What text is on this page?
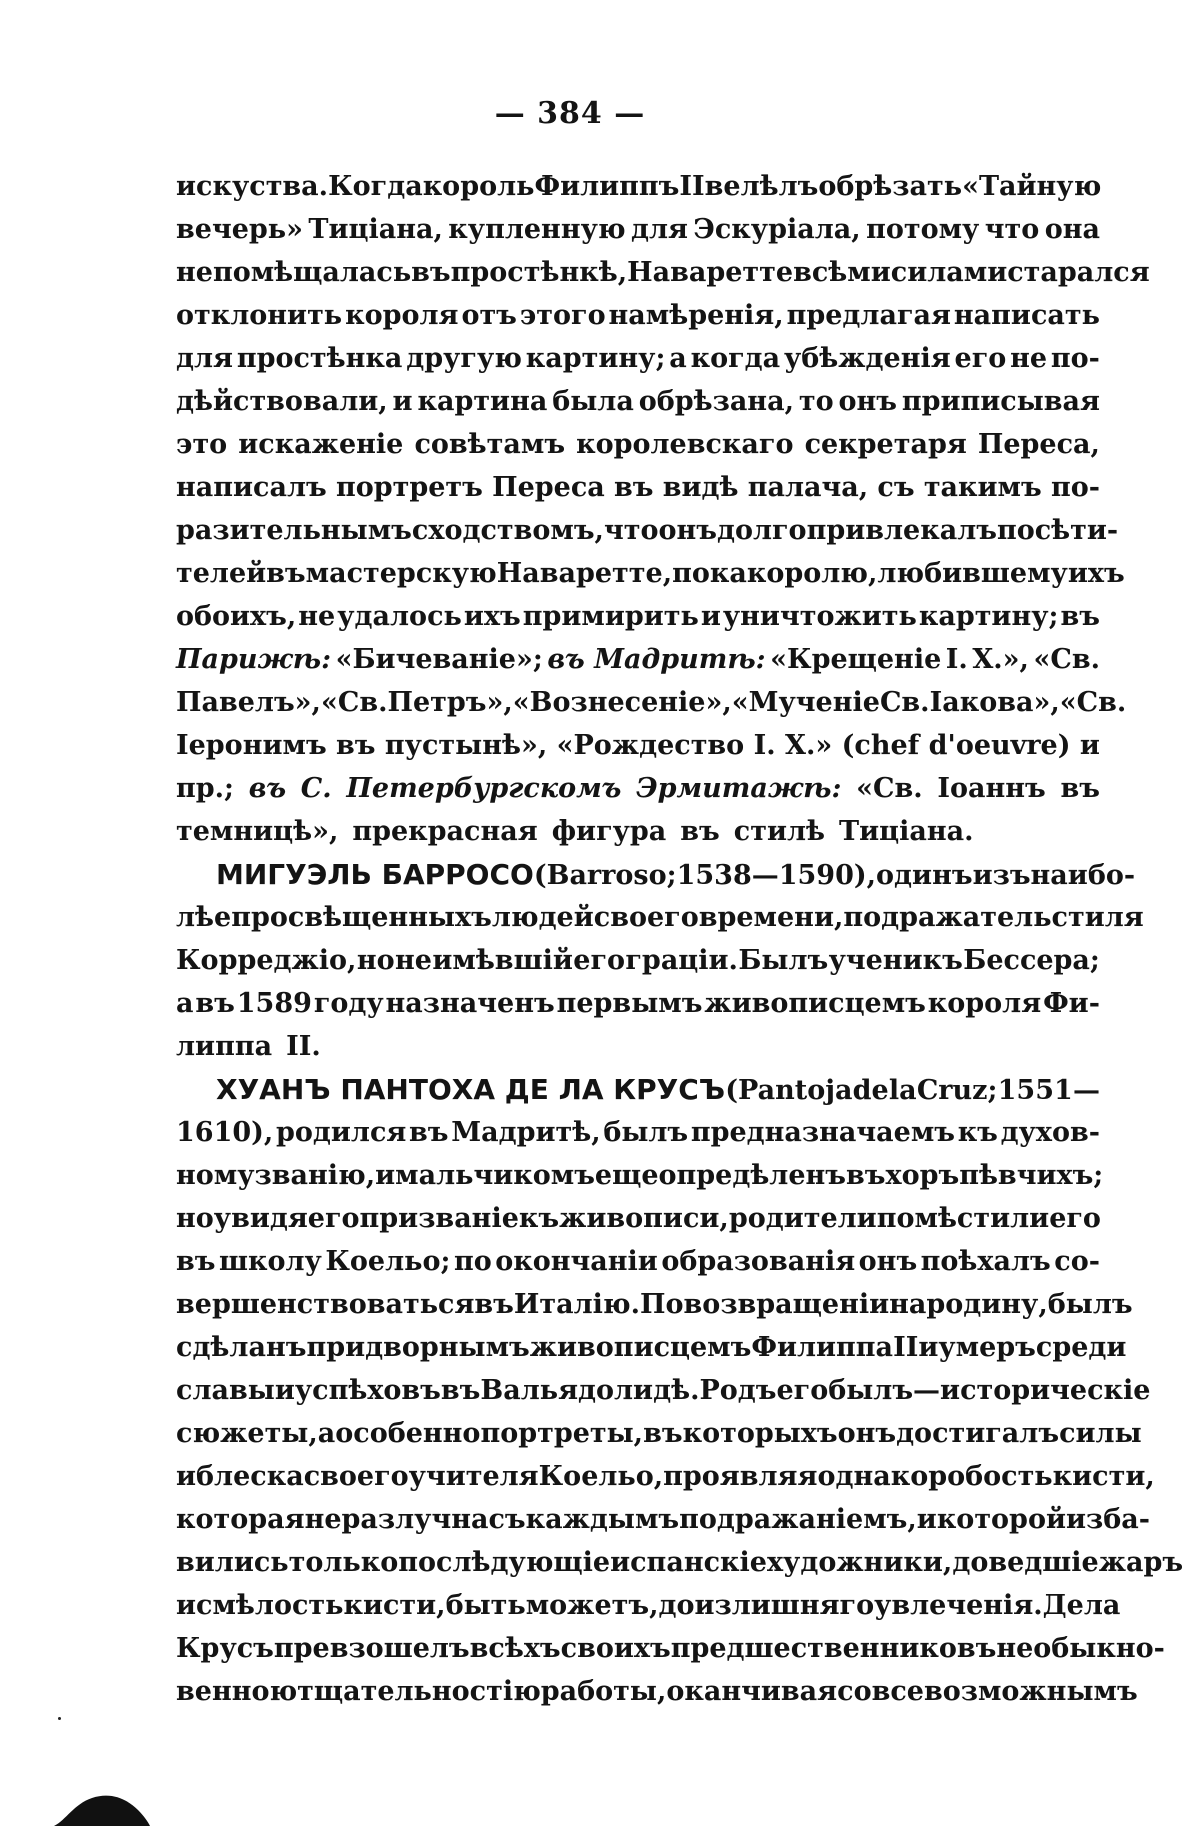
— 384 —
искуства. Когда король Филиппъ II велѣлъ обрѣзать «Тайную
вечерь» Тиціана, купленную для Эскуріала, потому что она
не помѣщалась въ простѣнкѣ, Наваретте всѣми силами старался
отклонить короля отъ этого намѣренія, предлагая написать
для простѣнка другую картину; а когда убѣжденія его не по-
дѣйствовали, и картина была обрѣзана, то онъ приписывая
это искаженіе совѣтамъ королевскаго секретаря Переса,
написалъ портретъ Переса въ видѣ палача, съ такимъ по-
разительнымъ сходствомъ, что онъ долго привлекалъ посѣти-
телей въ мастерскую Наваретте, пока королю, любившему ихъ
обоихъ, не удалось ихъ примирить и уничтожить картину; въ
Парижѣ: «Бичеваніе»; въ Мадритѣ: «Крещеніе I. X.», «Св.
Павелъ», «Св. Петръ», «Вознесеніе», «Мученіе Св. Іакова», «Св.
Іеронимъ въ пустынѣ», «Рождество I. X.» (chef d'oeuvre) и
пр.; въ С. Петербургскомъ Эрмитажѣ: «Св. Іоаннъ въ
темницѣ», прекрасная фигура въ стилѣ Тиціана.
МИГУЭЛЬ БАРРОСО (Barroso; 1538—1590), одинъ изъ наибо-
лѣе просвѣщенныхъ людей своего времени, подражатель стиля
Корреджіо, но не имѣвшій его граціи. Былъ ученикъ Бессера;
а въ 1589 году назначенъ первымъ живописцемъ короля Фи-
липпа II.
ХУАНЪ ПАНТОХА ДЕ ЛА КРУСЪ (Pantoja de la Cruz; 1551 —
1610), родился въ Мадритѣ, былъ предназначаемъ къ духов-
ному званію, и мальчикомъ еще опредѣленъ въ хоръ пѣвчихъ;
но увидя его призваніе къ живописи, родители помѣстили его
въ школу Коельо; по окончаніи образованія онъ поѣхалъ со-
вершенствоваться въ Италію. По возвращеніи на родину, былъ
сдѣланъ придворнымъ живописцемъ Филиппа II и умеръ среди
славы и успѣховъ въ Вальядолидѣ. Родъ его былъ—историческіе
сюжеты, а особенно портреты, въ которыхъ онъ достигалъ силы
и блеска своего учителя Коельо, проявляя однако робость кисти,
которая неразлучна съ каждымъ подражаніемъ, и которой избa-
вились только послѣдующіе испанскіе художники, доведшіе жаръ
и смѣлость кисти, быть можетъ, до излишняго увлеченія. Де ла
Крусъ превзошелъ всѣхъ своихъ предшественниковъ необыкно-
венною тщательностію работы, оканчивая со всевозможнымъ
